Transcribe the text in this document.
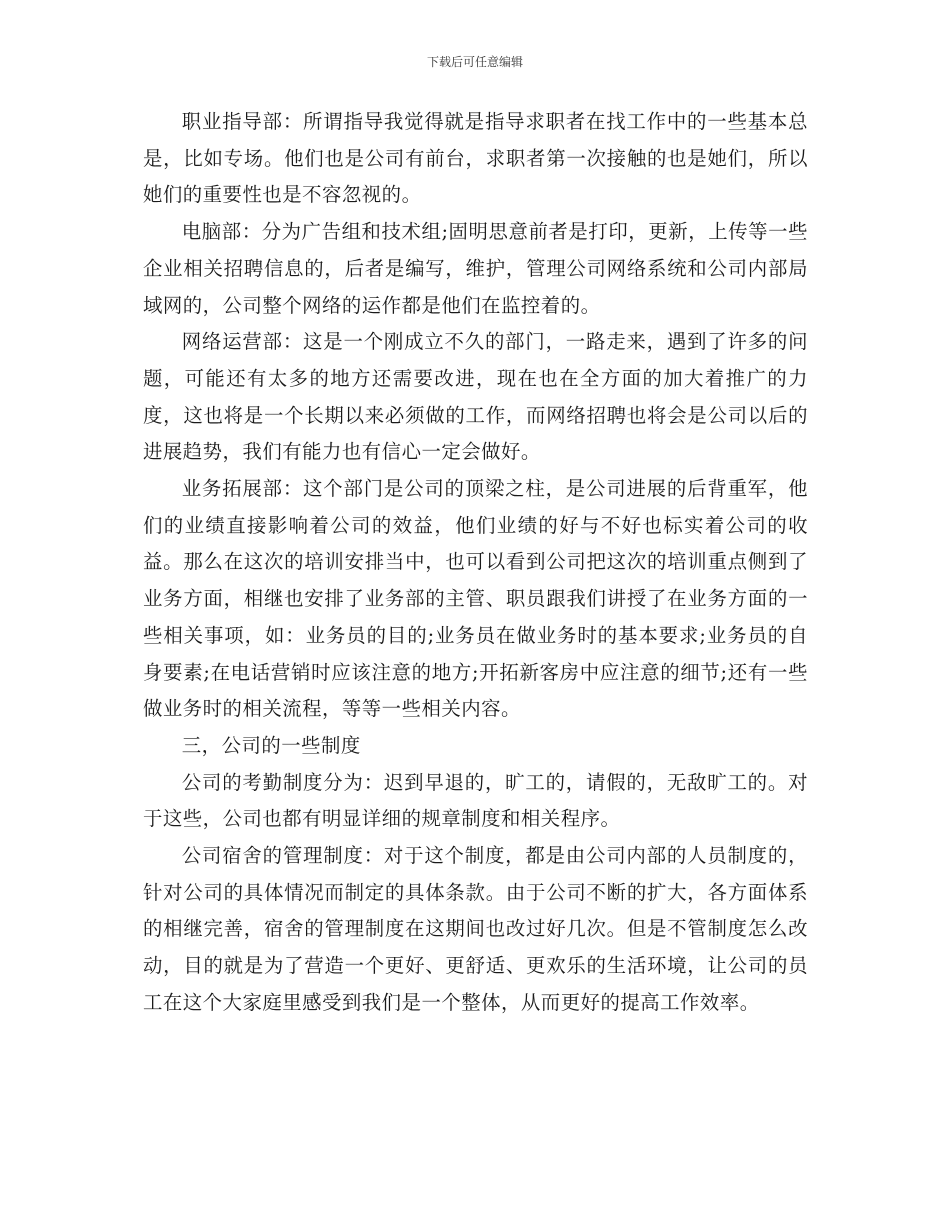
下载后可任意编辑

职业指导部：所谓指导我觉得就是指导求职者在找工作中的一些基本总是，比如专场。他们也是公司有前台，求职者第一次接触的也是她们，所以她们的重要性也是不容忽视的。

电脑部：分为广告组和技术组;固明思意前者是打印，更新，上传等一些企业相关招聘信息的，后者是编写，维护，管理公司网络系统和公司内部局域网的，公司整个网络的运作都是他们在监控着的。

网络运营部：这是一个刚成立不久的部门，一路走来，遇到了许多的问题，可能还有太多的地方还需要改进，现在也在全方面的加大着推广的力度，这也将是一个长期以来必须做的工作，而网络招聘也将会是公司以后的进展趋势，我们有能力也有信心一定会做好。

业务拓展部：这个部门是公司的顶梁之柱，是公司进展的后背重军，他们的业绩直接影响着公司的效益，他们业绩的好与不好也标实着公司的收益。那么在这次的培训安排当中，也可以看到公司把这次的培训重点侧到了业务方面，相继也安排了业务部的主管、职员跟我们讲授了在业务方面的一些相关事项，如：业务员的目的;业务员在做业务时的基本要求;业务员的自身要素;在电话营销时应该注意的地方;开拓新客房中应注意的细节;还有一些做业务时的相关流程，等等一些相关内容。

三，公司的一些制度

公司的考勤制度分为：迟到早退的，旷工的，请假的，无敌旷工的。对于这些，公司也都有明显详细的规章制度和相关程序。

公司宿舍的管理制度：对于这个制度，都是由公司内部的人员制度的，针对公司的具体情况而制定的具体条款。由于公司不断的扩大，各方面体系的相继完善，宿舍的管理制度在这期间也改过好几次。但是不管制度怎么改动，目的就是为了营造一个更好、更舒适、更欢乐的生活环境，让公司的员工在这个大家庭里感受到我们是一个整体，从而更好的提高工作效率。
